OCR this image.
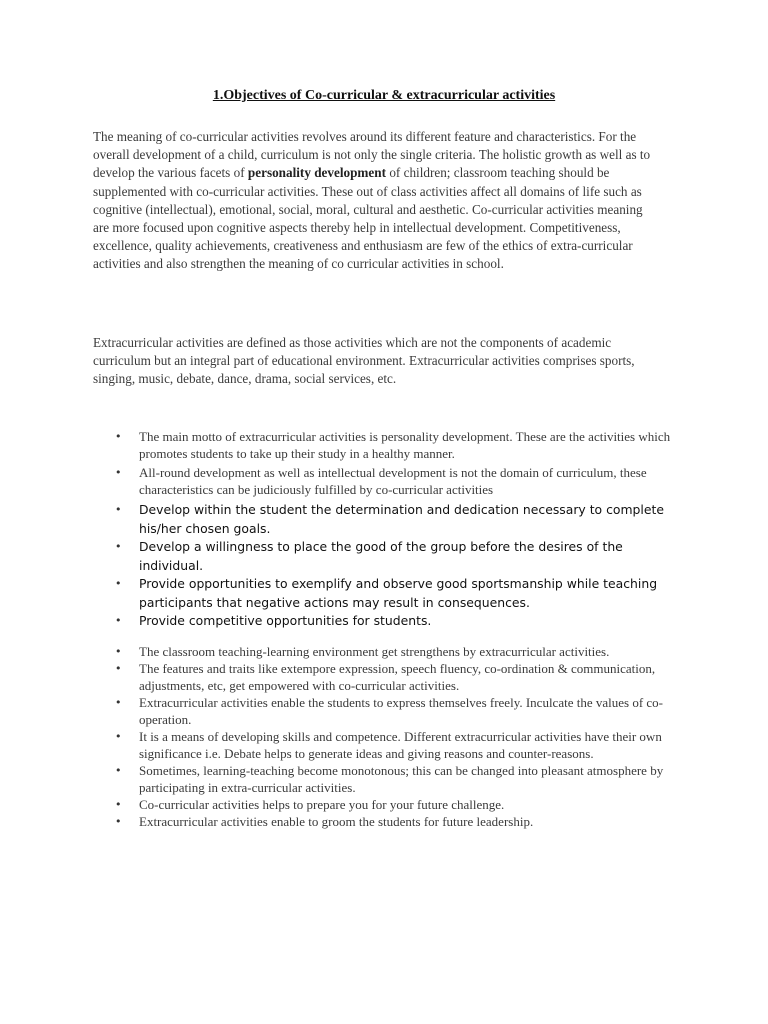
1.Objectives of Co-curricular & extracurricular activities

The meaning of co-curricular activities revolves around its different feature and characteristics. For the overall development of a child, curriculum is not only the single criteria. The holistic growth as well as to develop the various facets of personality development of children; classroom teaching should be supplemented with co-curricular activities. These out of class activities affect all domains of life such as cognitive (intellectual), emotional, social, moral, cultural and aesthetic. Co-curricular activities meaning are more focused upon cognitive aspects thereby help in intellectual development. Competitiveness, excellence, quality achievements, creativeness and enthusiasm are few of the ethics of extra-curricular activities and also strengthen the meaning of co curricular activities in school.

Extracurricular activities are defined as those activities which are not the components of academic curriculum but an integral part of educational environment. Extracurricular activities comprises sports, singing, music, debate, dance, drama, social services, etc.

• The main motto of extracurricular activities is personality development. These are the activities which promotes students to take up their study in a healthy manner.
• All-round development as well as intellectual development is not the domain of curriculum, these characteristics can be judiciously fulfilled by co-curricular activities
• Develop within the student the determination and dedication necessary to complete his/her chosen goals.
• Develop a willingness to place the good of the group before the desires of the individual.
• Provide opportunities to exemplify and observe good sportsmanship while teaching participants that negative actions may result in consequences.
• Provide competitive opportunities for students.
• The classroom teaching-learning environment get strengthens by extracurricular activities.
• The features and traits like extempore expression, speech fluency, co-ordination & communication, adjustments, etc, get empowered with co-curricular activities.
• Extracurricular activities enable the students to express themselves freely. Inculcate the values of co-operation.
• It is a means of developing skills and competence. Different extracurricular activities have their own significance i.e. Debate helps to generate ideas and giving reasons and counter-reasons.
• Sometimes, learning-teaching become monotonous; this can be changed into pleasant atmosphere by participating in extra-curricular activities.
• Co-curricular activities helps to prepare you for your future challenge.
• Extracurricular activities enable to groom the students for future leadership.
